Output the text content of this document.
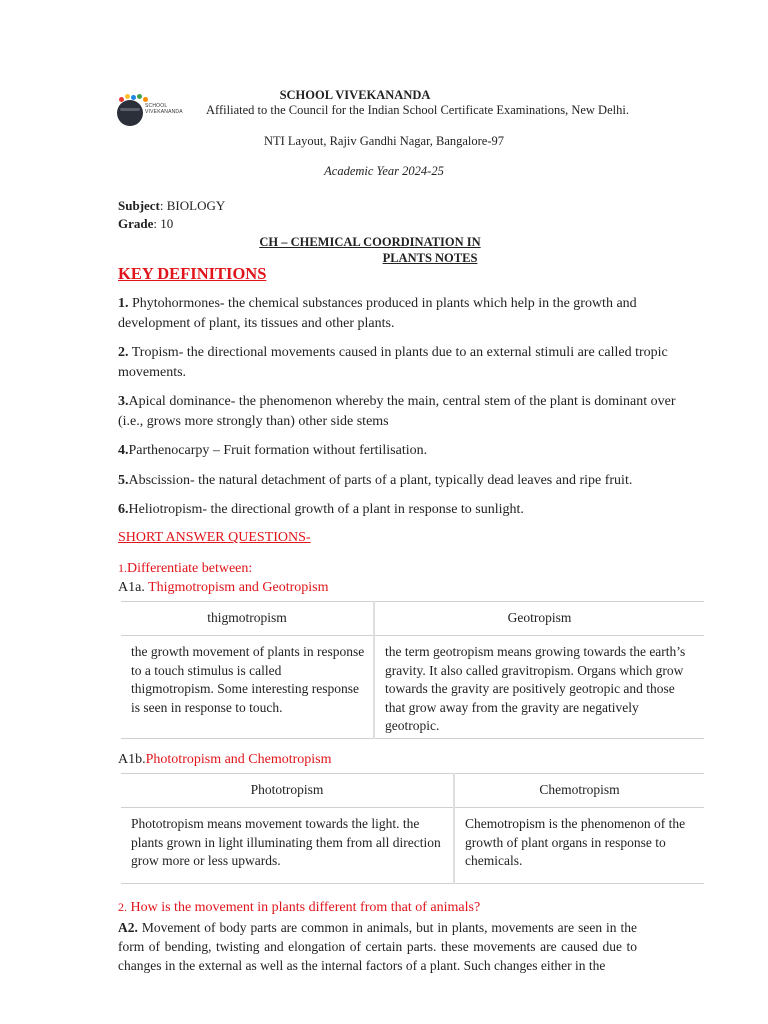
SCHOOL
VIVEKANANDA
SCHOOL VIVEKANANDA
Affiliated to the Council for the Indian School Certificate Examinations, New Delhi.
NTI Layout, Rajiv Gandhi Nagar, Bangalore-97
Academic Year 2024-25
Subject: BIOLOGY
Grade: 10
CH – CHEMICAL COORDINATION IN
PLANTS NOTES
KEY DEFINITIONS

1. Phytohormones- the chemical substances produced in plants which help in the growth and development of plant, its tissues and other plants.

2. Tropism- the directional movements caused in plants due to an external stimuli are called tropic movements.

3.Apical dominance- the phenomenon whereby the main, central stem of the plant is dominant over (i.e., grows more strongly than) other side stems

4.Parthenocarpy – Fruit formation without fertilisation.

5.Abscission- the natural detachment of parts of a plant, typically dead leaves and ripe fruit.

6.Heliotropism- the directional growth of a plant in response to sunlight.

SHORT ANSWER QUESTIONS-
1.Differentiate between:
A1a. Thigmotropism and Geotropism
thigmotropism	Geotropism
the growth movement of plants in response to a touch stimulus is called thigmotropism. Some interesting response is seen in response to touch.	the term geotropism means growing towards the earth’s gravity. It also called gravitropism. Organs which grow towards the gravity are positively geotropic and those that grow away from the gravity are negatively geotropic.
A1b.Phototropism and Chemotropism
Phototropism	Chemotropism
Phototropism means movement towards the light. the plants grown in light illuminating them from all direction grow more or less upwards.	Chemotropism is the phenomenon of the growth of plant organs in response to chemicals.
2. How is the movement in plants different from that of animals?
A2. Movement of body parts are common in animals, but in plants, movements are seen in the form of bending, twisting and elongation of certain parts. these movements are caused due to changes in the external as well as the internal factors of a plant. Such changes either in the
